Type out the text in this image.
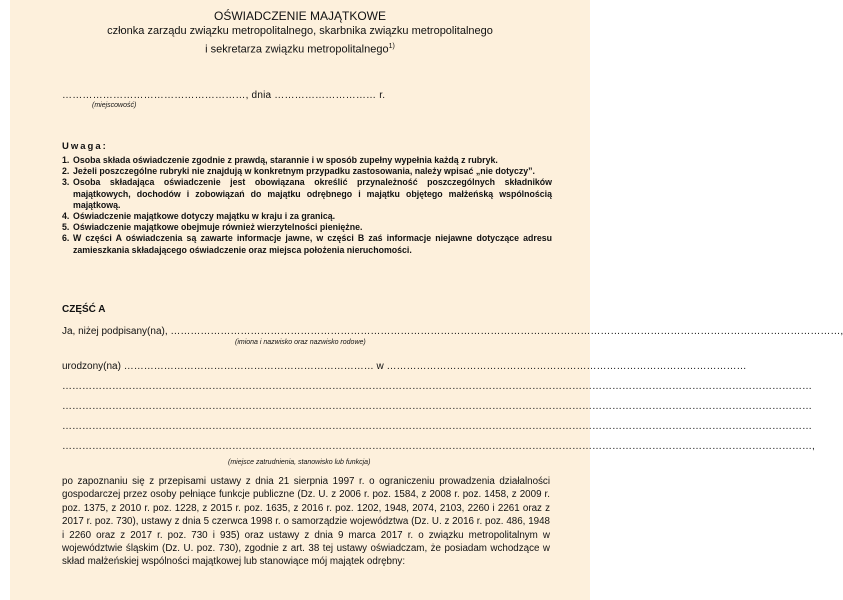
OŚWIADCZENIE MAJĄTKOWE
członka zarządu związku metropolitalnego, skarbnika związku metropolitalnego
i sekretarza związku metropolitalnego$^{1)}$
………………………………………………, dnia ………………………… r.
(miejscowość)
Uwaga:
1. Osoba składa oświadczenie zgodnie z prawdą, starannie i w sposób zupełny wypełnia każdą z rubryk.
2. Jeżeli poszczególne rubryki nie znajdują w konkretnym przypadku zastosowania, należy wpisać „nie dotyczy”.
3. Osoba składająca oświadczenie jest obowiązana określić przynależność poszczególnych składników majątkowych, dochodów i zobowiązań do majątku odrębnego i majątku objętego małżeńską wspólnością majątkową.
4. Oświadczenie majątkowe dotyczy majątku w kraju i za granicą.
5. Oświadczenie majątkowe obejmuje również wierzytelności pieniężne.
6. W części A oświadczenia są zawarte informacje jawne, w części B zaś informacje niejawne dotyczące adresu zamieszkania składającego oświadczenie oraz miejsca położenia nieruchomości.
CZĘŚĆ A
Ja, niżej podpisany(na), …………………………………………………………………………………………………………………………………………………………………………………,
(imiona i nazwisko oraz nazwisko rodowe)
urodzony(na) ………………………………………………………………… w ………………………………………………………………………………………………
………………………………………………………………………………………………………………………………………………………………………………………………………
………………………………………………………………………………………………………………………………………………………………………………………………………
………………………………………………………………………………………………………………………………………………………………………………………………………
………………………………………………………………………………………………………………………………………………………………………………………………………,
(miejsce zatrudnienia, stanowisko lub funkcja)
po zapoznaniu się z przepisami ustawy z dnia 21 sierpnia 1997 r. o ograniczeniu prowadzenia działalności gospodarczej przez osoby pełniące funkcje publiczne (Dz. U. z 2006 r. poz. 1584, z 2008 r. poz. 1458, z 2009 r. poz. 1375, z 2010 r. poz. 1228, z 2015 r. poz. 1635, z 2016 r. poz. 1202, 1948, 2074, 2103, 2260 i 2261 oraz z 2017 r. poz. 730), ustawy z dnia 5 czerwca 1998 r. o samorządzie województwa (Dz. U. z 2016 r. poz. 486, 1948 i 2260 oraz z 2017 r. poz. 730 i 935) oraz ustawy z dnia 9 marca 2017 r. o związku metropolitalnym w województwie śląskim (Dz. U. poz. 730), zgodnie z art. 38 tej ustawy oświadczam, że posiadam wchodzące w skład małżeńskiej wspólności majątkowej lub stanowiące mój majątek odrębny:
